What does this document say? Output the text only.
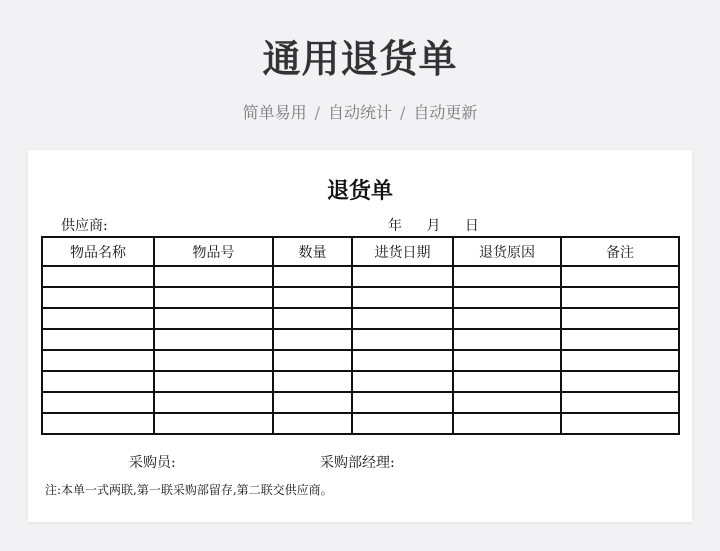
通用退货单
简单易用 / 自动统计 / 自动更新
退货单
供应商:	年 月 日
物品名称	物品号	数量	进货日期	退货原因	备注

采购员:	采购部经理:
注:本单一式两联,第一联采购部留存,第二联交供应商。
